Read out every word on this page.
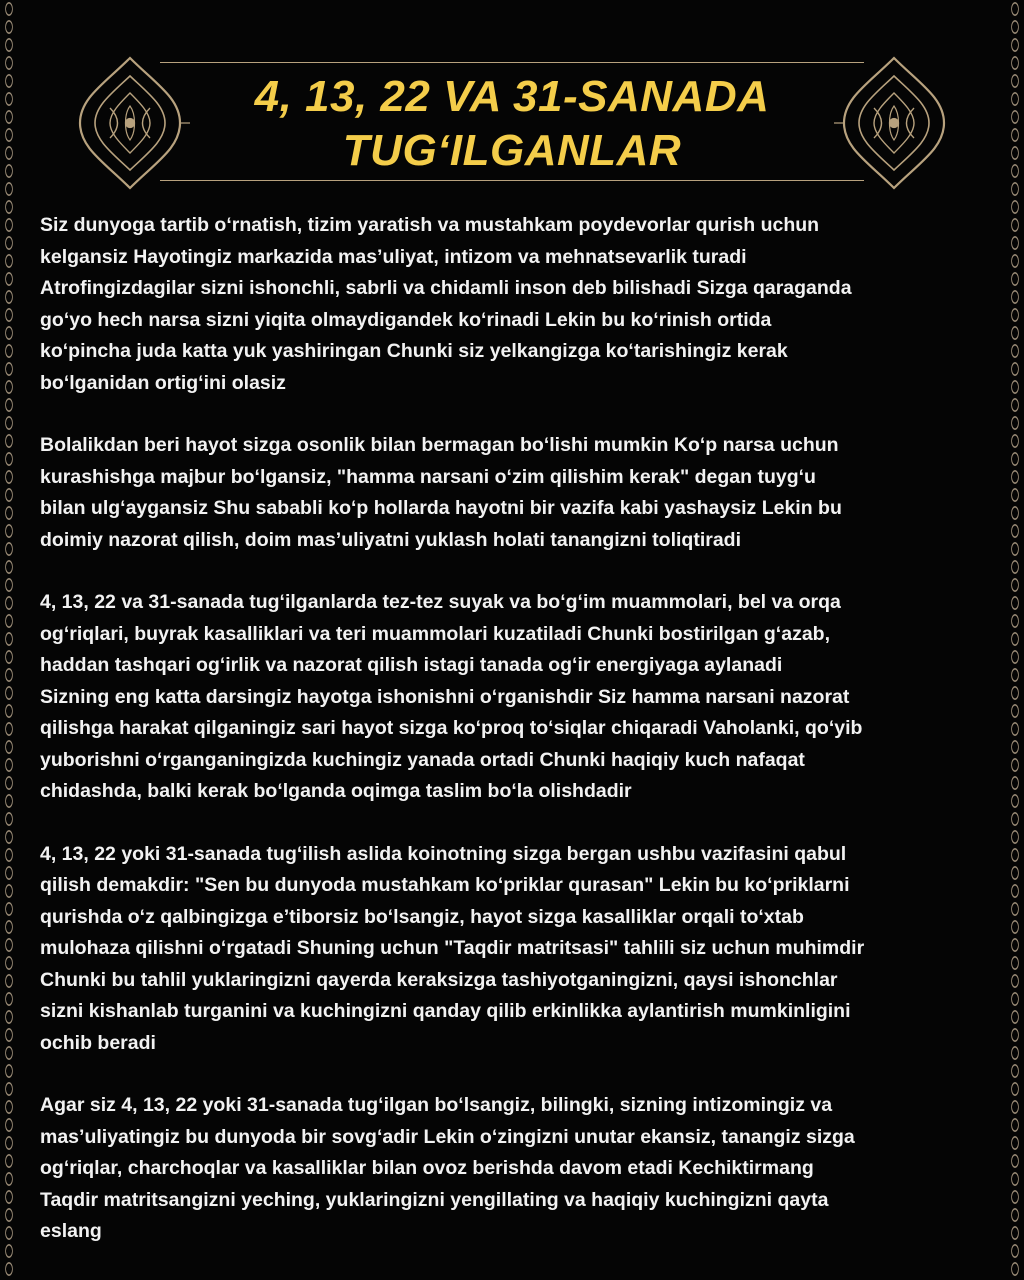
4, 13, 22 VA 31-SANADA
TUG‘ILGANLAR

Siz dunyoga tartib oʻrnatish, tizim yaratish va mustahkam poydevorlar qurish uchun
kelgansiz Hayotingiz markazida mas’uliyat, intizom va mehnatsevarlik turadi
Atrofingizdagilar sizni ishonchli, sabrli va chidamli inson deb bilishadi Sizga qaraganda
goʻyo hech narsa sizni yiqita olmaydigandek koʻrinadi Lekin bu koʻrinish ortida
koʻpincha juda katta yuk yashiringan Chunki siz yelkangizga koʻtarishingiz kerak
boʻlganidan ortigʻini olasiz

Bolalikdan beri hayot sizga osonlik bilan bermagan boʻlishi mumkin Koʻp narsa uchun
kurashishga majbur boʻlgansiz, "hamma narsani oʻzim qilishim kerak" degan tuygʻu
bilan ulgʻaygansiz Shu sababli koʻp hollarda hayotni bir vazifa kabi yashaysiz Lekin bu
doimiy nazorat qilish, doim mas’uliyatni yuklash holati tanangizni toliqtiradi

4, 13, 22 va 31-sanada tugʻilganlarda tez-tez suyak va boʻgʻim muammolari, bel va orqa
ogʻriqlari, buyrak kasalliklari va teri muammolari kuzatiladi Chunki bostirilgan gʻazab,
haddan tashqari ogʻirlik va nazorat qilish istagi tanada ogʻir energiyaga aylanadi
Sizning eng katta darsingiz hayotga ishonishni oʻrganishdir Siz hamma narsani nazorat
qilishga harakat qilganingiz sari hayot sizga koʻproq toʻsiqlar chiqaradi Vaholanki, qoʻyib
yuborishni oʻrganganingizda kuchingiz yanada ortadi Chunki haqiqiy kuch nafaqat
chidashda, balki kerak boʻlganda oqimga taslim boʻla olishdadir

4, 13, 22 yoki 31-sanada tugʻilish aslida koinotning sizga bergan ushbu vazifasini qabul
qilish demakdir: "Sen bu dunyoda mustahkam koʻpriklar qurasan" Lekin bu koʻpriklarni
qurishda oʻz qalbingizga e’tiborsiz boʻlsangiz, hayot sizga kasalliklar orqali toʻxtab
mulohaza qilishni oʻrgatadi Shuning uchun "Taqdir matritsasi" tahlili siz uchun muhimdir
Chunki bu tahlil yuklaringizni qayerda keraksizga tashiyotganingizni, qaysi ishonchlar
sizni kishanlab turganini va kuchingizni qanday qilib erkinlikka aylantirish mumkinligini
ochib beradi

Agar siz 4, 13, 22 yoki 31-sanada tugʻilgan boʻlsangiz, bilingki, sizning intizomingiz va
mas’uliyatingiz bu dunyoda bir sovgʻadir Lekin oʻzingizni unutar ekansiz, tanangiz sizga
ogʻriqlar, charchoqlar va kasalliklar bilan ovoz berishda davom etadi Kechiktirmang
Taqdir matritsangizni yeching, yuklaringizni yengillating va haqiqiy kuchingizni qayta
eslang
